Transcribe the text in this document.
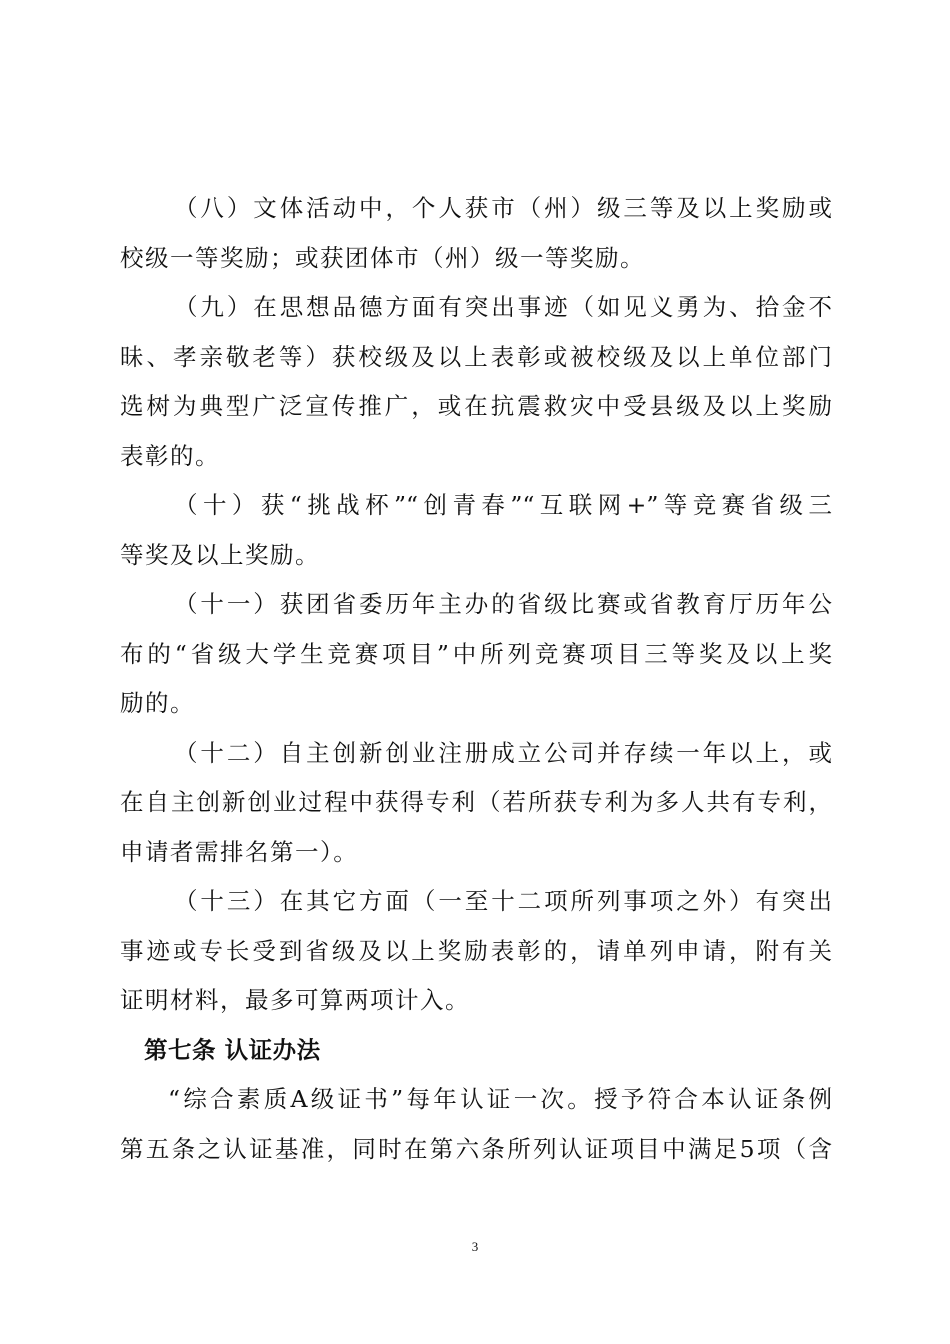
（八）文体活动中，个人获市（州）级三等及以上奖励或
校级一等奖励；或获团体市（州）级一等奖励。
（九）在思想品德方面有突出事迹（如见义勇为、拾金不
昧、孝亲敬老等）获校级及以上表彰或被校级及以上单位部门
选树为典型广泛宣传推广，或在抗震救灾中受县级及以上奖励
表彰的。
（十）获“挑战杯”“创青春”“互联网+”等竞赛省级三
等奖及以上奖励。
（十一）获团省委历年主办的省级比赛或省教育厅历年公
布的“省级大学生竞赛项目”中所列竞赛项目三等奖及以上奖
励的。
（十二）自主创新创业注册成立公司并存续一年以上，或
在自主创新创业过程中获得专利（若所获专利为多人共有专利，
申请者需排名第一）。
（十三）在其它方面（一至十二项所列事项之外）有突出
事迹或专长受到省级及以上奖励表彰的，请单列申请，附有关
证明材料，最多可算两项计入。
第七条 认证办法
“综合素质A级证书”每年认证一次。授予符合本认证条例
第五条之认证基准，同时在第六条所列认证项目中满足5项（含
3
